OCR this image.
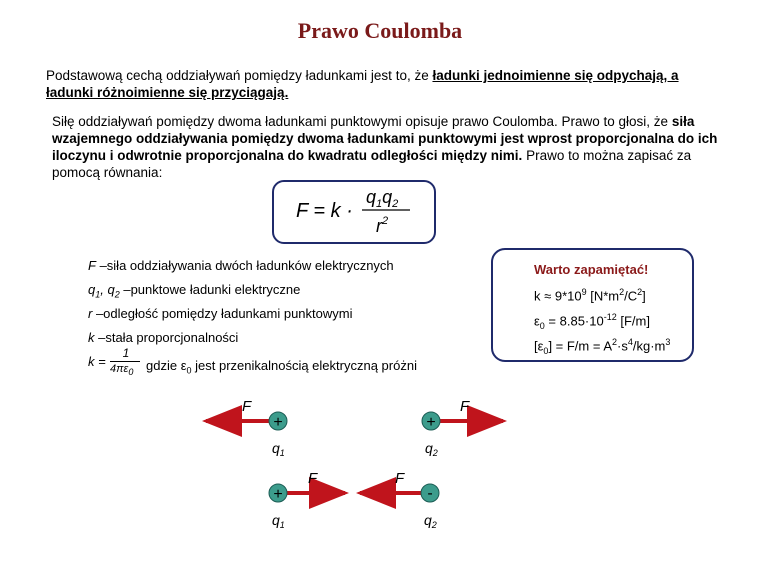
Prawo Coulomba
Podstawową cechą oddziaływań pomiędzy ładunkami jest to, że ładunki jednoimienne się odpychają, a ładunki różnoimienne się przyciągają.
Siłę oddziaływań pomiędzy dwoma ładunkami punktowymi opisuje prawo Coulomba. Prawo to głosi, że siła wzajemnego oddziaływania pomiędzy dwoma ładunkami punktowymi jest wprost proporcjonalna do ich iloczynu i odwrotnie proporcjonalna do kwadratu odległości między nimi. Prawo to można zapisać za pomocą równania:
F = k ·
$q_1q_2$
$r^2$
F –siła oddziaływania dwóch ładunków elektrycznych
$q_1$, $q_2$ –punktowe ładunki elektryczne
r –odległość pomiędzy ładunkami punktowymi
k –stała proporcjonalności
k =
1
$4\pi\varepsilon_0$ gdzie $\varepsilon_0$ jest przenikalnością elektryczną próżni
Warto zapamiętać!
$k \approx 9*10^9$ $[N*m^2/C^2]$
$\varepsilon_0 = 8.85\cdot 10^{-12}$ [F/m]
$[\varepsilon_0] = F/m = A^2\cdot s^4/kg\cdot m^3$
F
+
$q_1$
F
+
$q_2$
F
+
$q_1$
F
-
$q_2$
